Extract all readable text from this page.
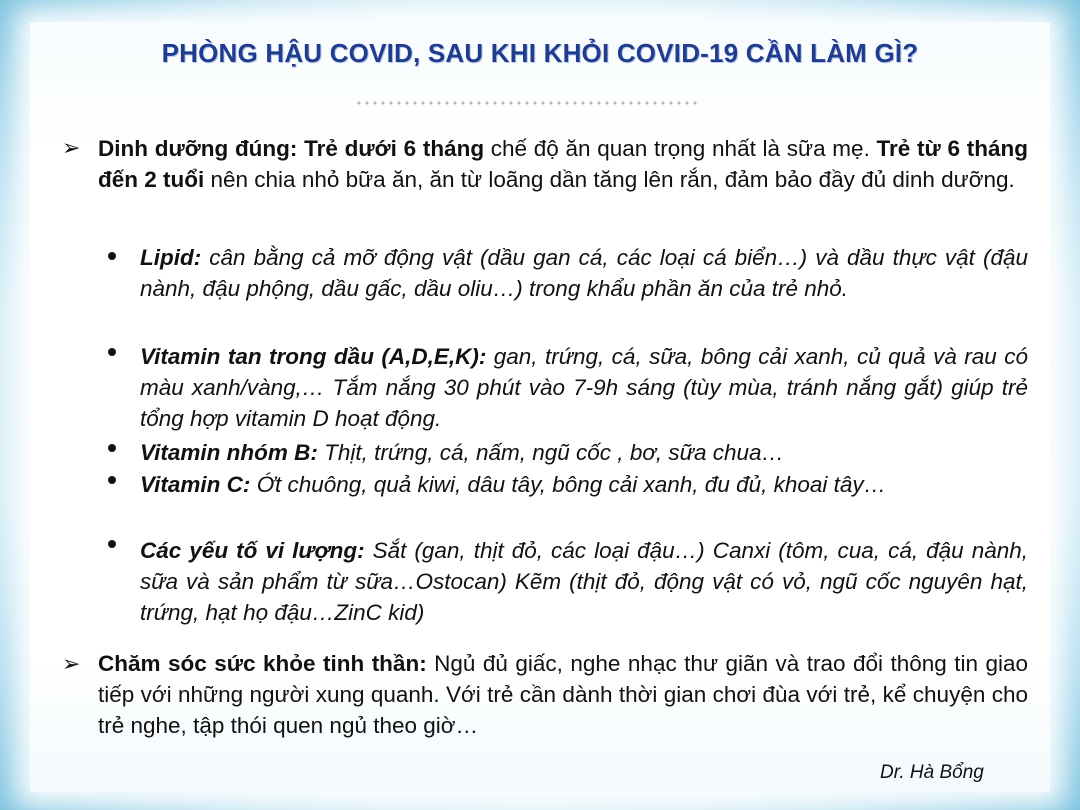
PHÒNG HẬU COVID, SAU KHI KHỎI COVID-19 CẦN LÀM GÌ?
➢ Dinh dưỡng đúng: Trẻ dưới 6 tháng chế độ ăn quan trọng nhất là sữa mẹ. Trẻ từ 6 tháng đến 2 tuổi nên chia nhỏ bữa ăn, ăn từ loãng dần tăng lên rắn, đảm bảo đầy đủ dinh dưỡng.
Lipid: cân bằng cả mỡ động vật (dầu gan cá, các loại cá biển…) và dầu thực vật (đậu nành, đậu phộng, dầu gấc, dầu oliu…) trong khẩu phần ăn của trẻ nhỏ.
Vitamin tan trong dầu (A,D,E,K): gan, trứng, cá, sữa, bông cải xanh, củ quả và rau có màu xanh/vàng,… Tắm nắng 30 phút vào 7-9h sáng (tùy mùa, tránh nắng gắt) giúp trẻ tổng hợp vitamin D hoạt động.
Vitamin nhóm B: Thịt, trứng, cá, nấm, ngũ cốc , bơ, sữa chua…
Vitamin C: Ớt chuông, quả kiwi, dâu tây, bông cải xanh, đu đủ, khoai tây…
Các yếu tố vi lượng: Sắt (gan, thịt đỏ, các loại đậu…) Canxi (tôm, cua, cá, đậu nành, sữa và sản phẩm từ sữa…Ostocan) Kẽm (thịt đỏ, động vật có vỏ, ngũ cốc nguyên hạt, trứng, hạt họ đậu…ZinC kid)
➢ Chăm sóc sức khỏe tinh thần: Ngủ đủ giấc, nghe nhạc thư giãn và trao đổi thông tin giao tiếp với những người xung quanh. Với trẻ cần dành thời gian chơi đùa với trẻ, kể chuyện cho trẻ nghe, tập thói quen ngủ theo giờ…
Dr. Hà Bổng
